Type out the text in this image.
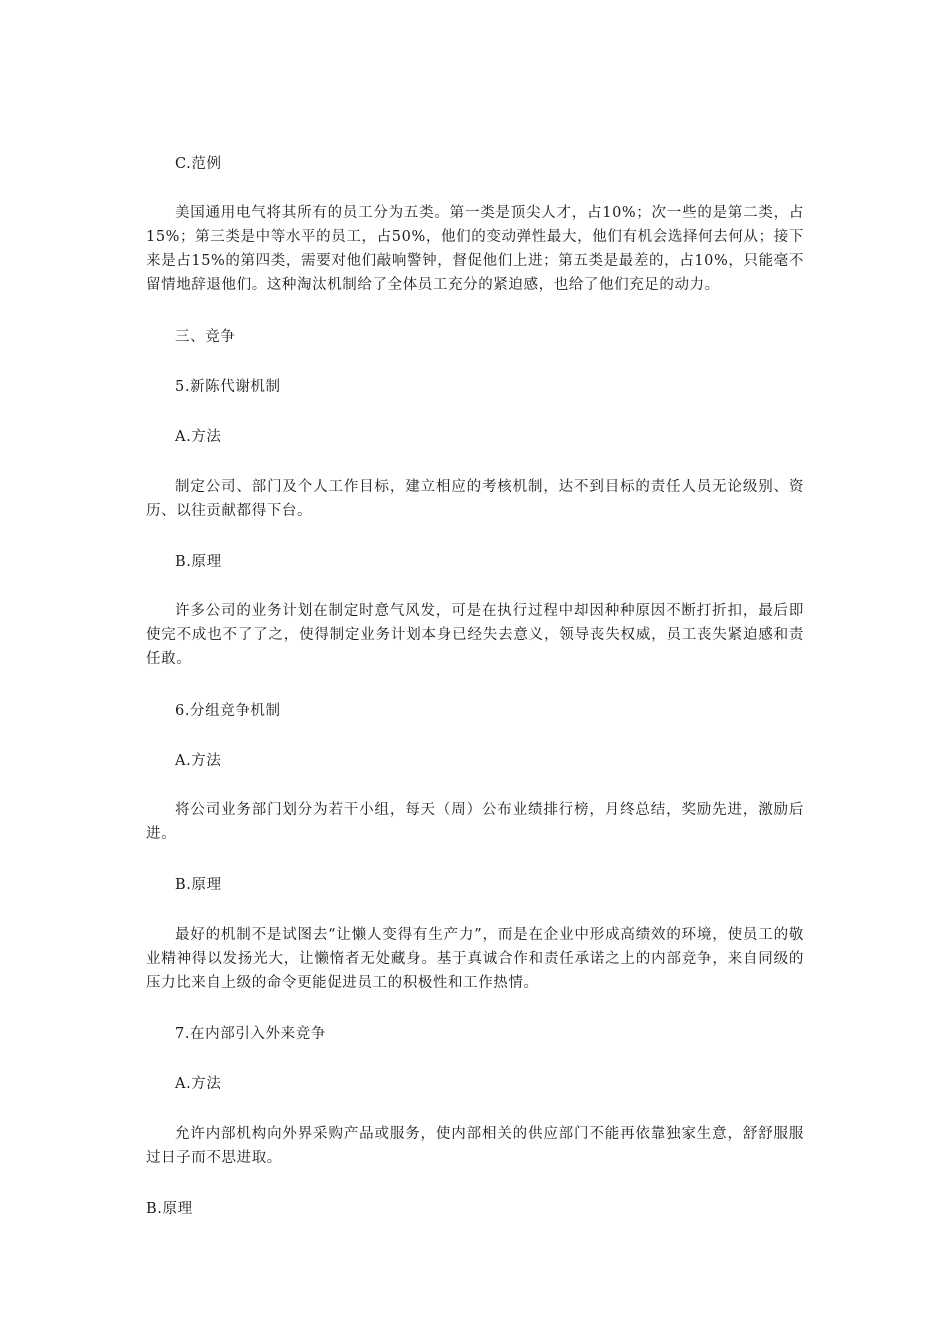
C.范例

美国通用电气将其所有的员工分为五类。第一类是顶尖人才，占10%；次一些的是第二类，占15%；第三类是中等水平的员工，占50%，他们的变动弹性最大，他们有机会选择何去何从；接下来是占15%的第四类，需要对他们敲响警钟，督促他们上进；第五类是最差的，占10%，只能毫不留情地辞退他们。这种淘汰机制给了全体员工充分的紧迫感，也给了他们充足的动力。

三、竞争

5.新陈代谢机制

A.方法

制定公司、部门及个人工作目标，建立相应的考核机制，达不到目标的责任人员无论级别、资历、以往贡献都得下台。

B.原理

许多公司的业务计划在制定时意气风发，可是在执行过程中却因种种原因不断打折扣，最后即使完不成也不了了之，使得制定业务计划本身已经失去意义，领导丧失权威，员工丧失紧迫感和责任敢。

6.分组竞争机制

A.方法

将公司业务部门划分为若干小组，每天（周）公布业绩排行榜，月终总结，奖励先进，激励后进。

B.原理

最好的机制不是试图去“让懒人变得有生产力”，而是在企业中形成高绩效的环境，使员工的敬业精神得以发扬光大，让懒惰者无处藏身。基于真诚合作和责任承诺之上的内部竞争，来自同级的压力比来自上级的命令更能促进员工的积极性和工作热情。

7.在内部引入外来竞争

A.方法

允许内部机构向外界采购产品或服务，使内部相关的供应部门不能再依靠独家生意，舒舒服服过日子而不思进取。

B.原理
